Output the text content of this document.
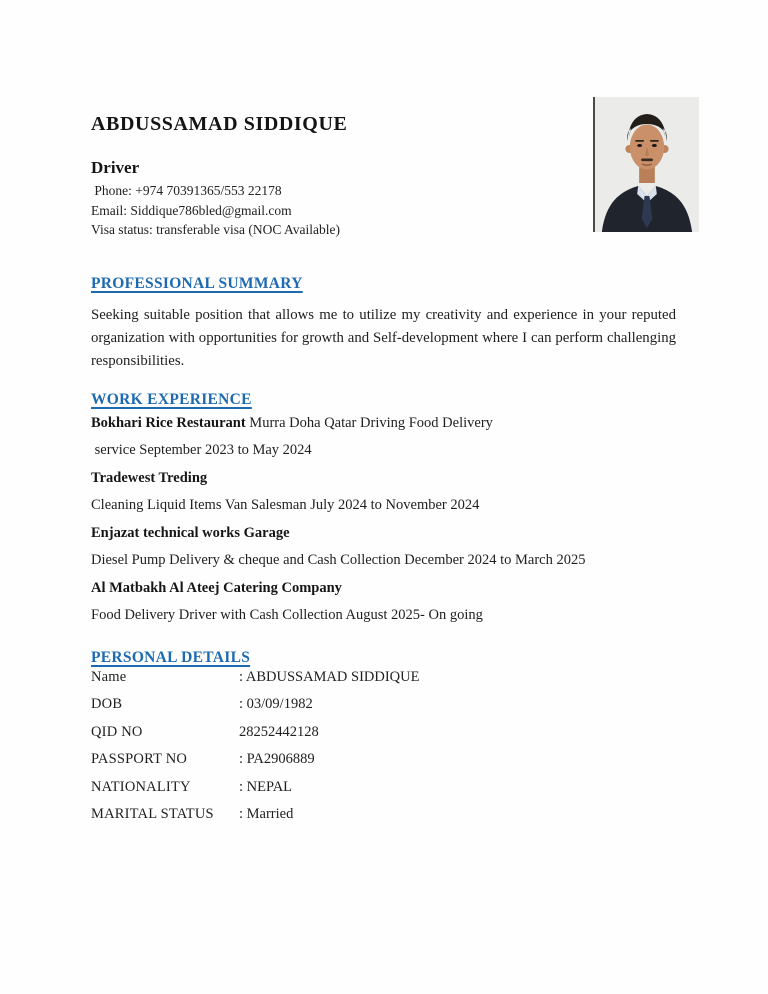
ABDUSSAMAD SIDDIQUE
Driver
Phone: +974 70391365/553 22178
Email: Siddique786bled@gmail.com
Visa status: transferable visa (NOC Available)
PROFESSIONAL SUMMARY

Seeking suitable position that allows me to utilize my creativity and experience in your reputed organization with opportunities for growth and Self-development where I can perform challenging responsibilities.

WORK EXPERIENCE

Bokhari Rice Restaurant Murra Doha Qatar Driving Food Delivery

service September 2023 to May 2024

Tradewest Treding

Cleaning Liquid Items Van Salesman July 2024 to November 2024

Enjazat technical works Garage

Diesel Pump Delivery & cheque and Cash Collection December 2024 to March 2025

Al Matbakh Al Ateej Catering Company

Food Delivery Driver with Cash Collection August 2025- On going

PERSONAL DETAILS
Name	: ABDUSSAMAD SIDDIQUE
DOB	: 03/09/1982
QID NO	28252442128
PASSPORT NO	: PA2906889
NATIONALITY	: NEPAL
MARITAL STATUS : Married
